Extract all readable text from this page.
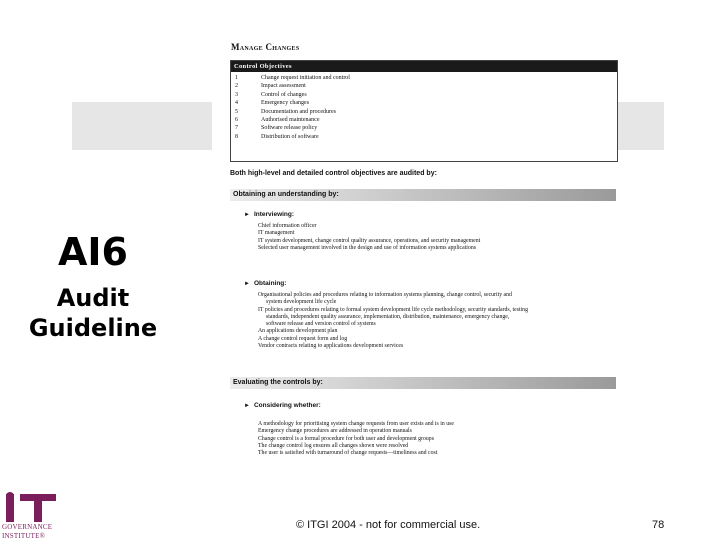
Manage Changes
Control Objectives
1	Change request initiation and control
2	Impact assessment
3	Control of changes
4	Emergency changes
5	Documentation and procedures
6	Authorised maintenance
7	Software release policy
8	Distribution of software
Both high-level and detailed control objectives are audited by:
Obtaining an understanding by:
► Interviewing:
Chief information officer
IT management
IT system development, change control quality assurance, operations, and security management
Selected user management involved in the design and use of information systems applications
► Obtaining:
Organisational policies and procedures relating to information systems planning, change control, security and
system development life cycle
IT policies and procedures relating to formal system development life cycle methodology, security standards, testing
standards, independent quality assurance, implementation, distribution, maintenance, emergency change,
software release and version control of systems
An applications development plan
A change control request form and log
Vendor contracts relating to applications development services
Evaluating the controls by:
► Considering whether:
A methodology for prioritising system change requests from user exists and is in use
Emergency change procedures are addressed in operation manuals
Change control is a formal procedure for both user and development groups
The change control log ensures all changes shown were resolved
The user is satisfied with turnaround of change requests—timeliness and cost
AI6
Audit
Guideline
GOVERNANCE
INSTITUTE®
© ITGI 2004 - not for commercial use.	78
